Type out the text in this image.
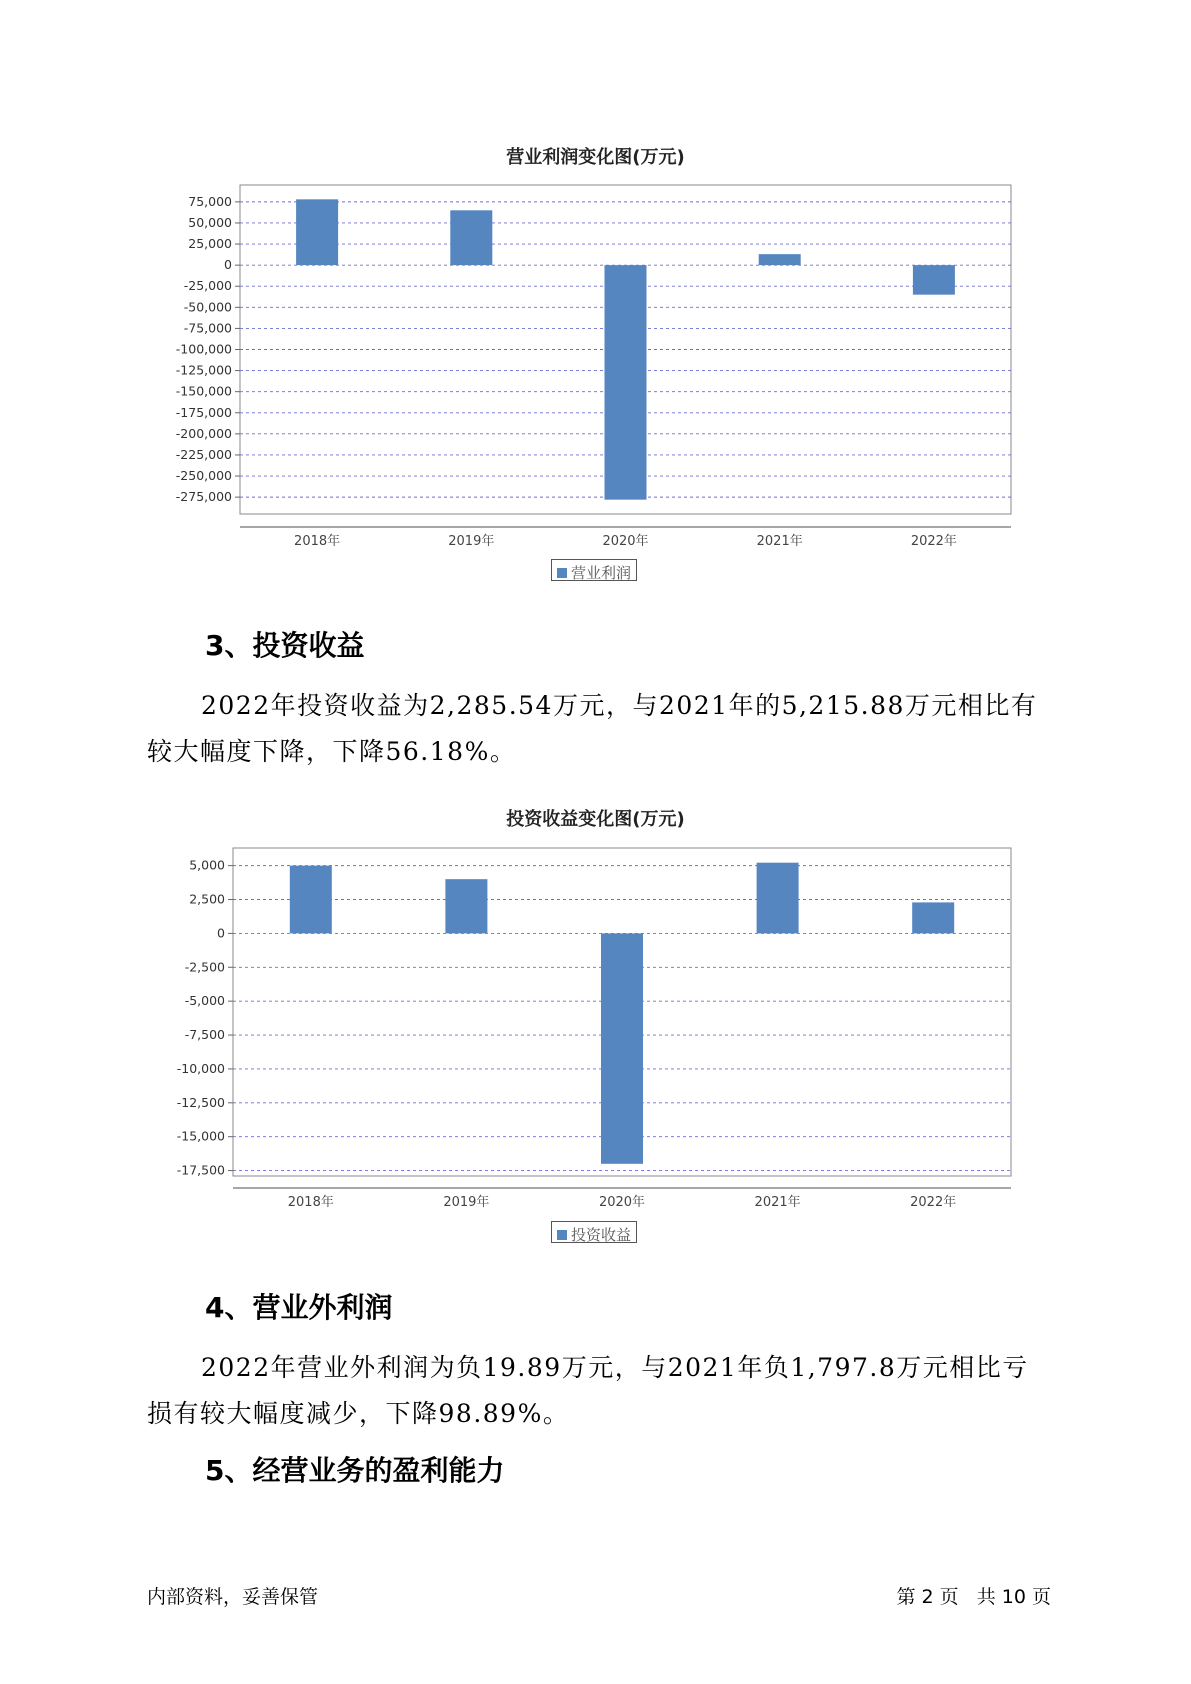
营业利润变化图(万元)
75,000
50,000
25,000
0
-25,000
-50,000
-75,000
-100,000
-125,000
-150,000
-175,000
-200,000
-225,000
-250,000
-275,000
2018年	2019年	2020年	2021年	2022年
营业利润
3、投资收益

2022年投资收益为2,285.54万元，与2021年的5,215.88万元相比有较大幅度下降，下降56.18%。

投资收益变化图(万元)
5,000
2,500
0
-2,500
-5,000
-7,500
-10,000
-12,500
-15,000
-17,500
2018年	2019年	2020年	2021年	2022年
投资收益
4、营业外利润

2022年营业外利润为负19.89万元，与2021年负1,797.8万元相比亏损有较大幅度减少，下降98.89%。

5、经营业务的盈利能力
内部资料，妥善保管	第 2 页   共 10 页
